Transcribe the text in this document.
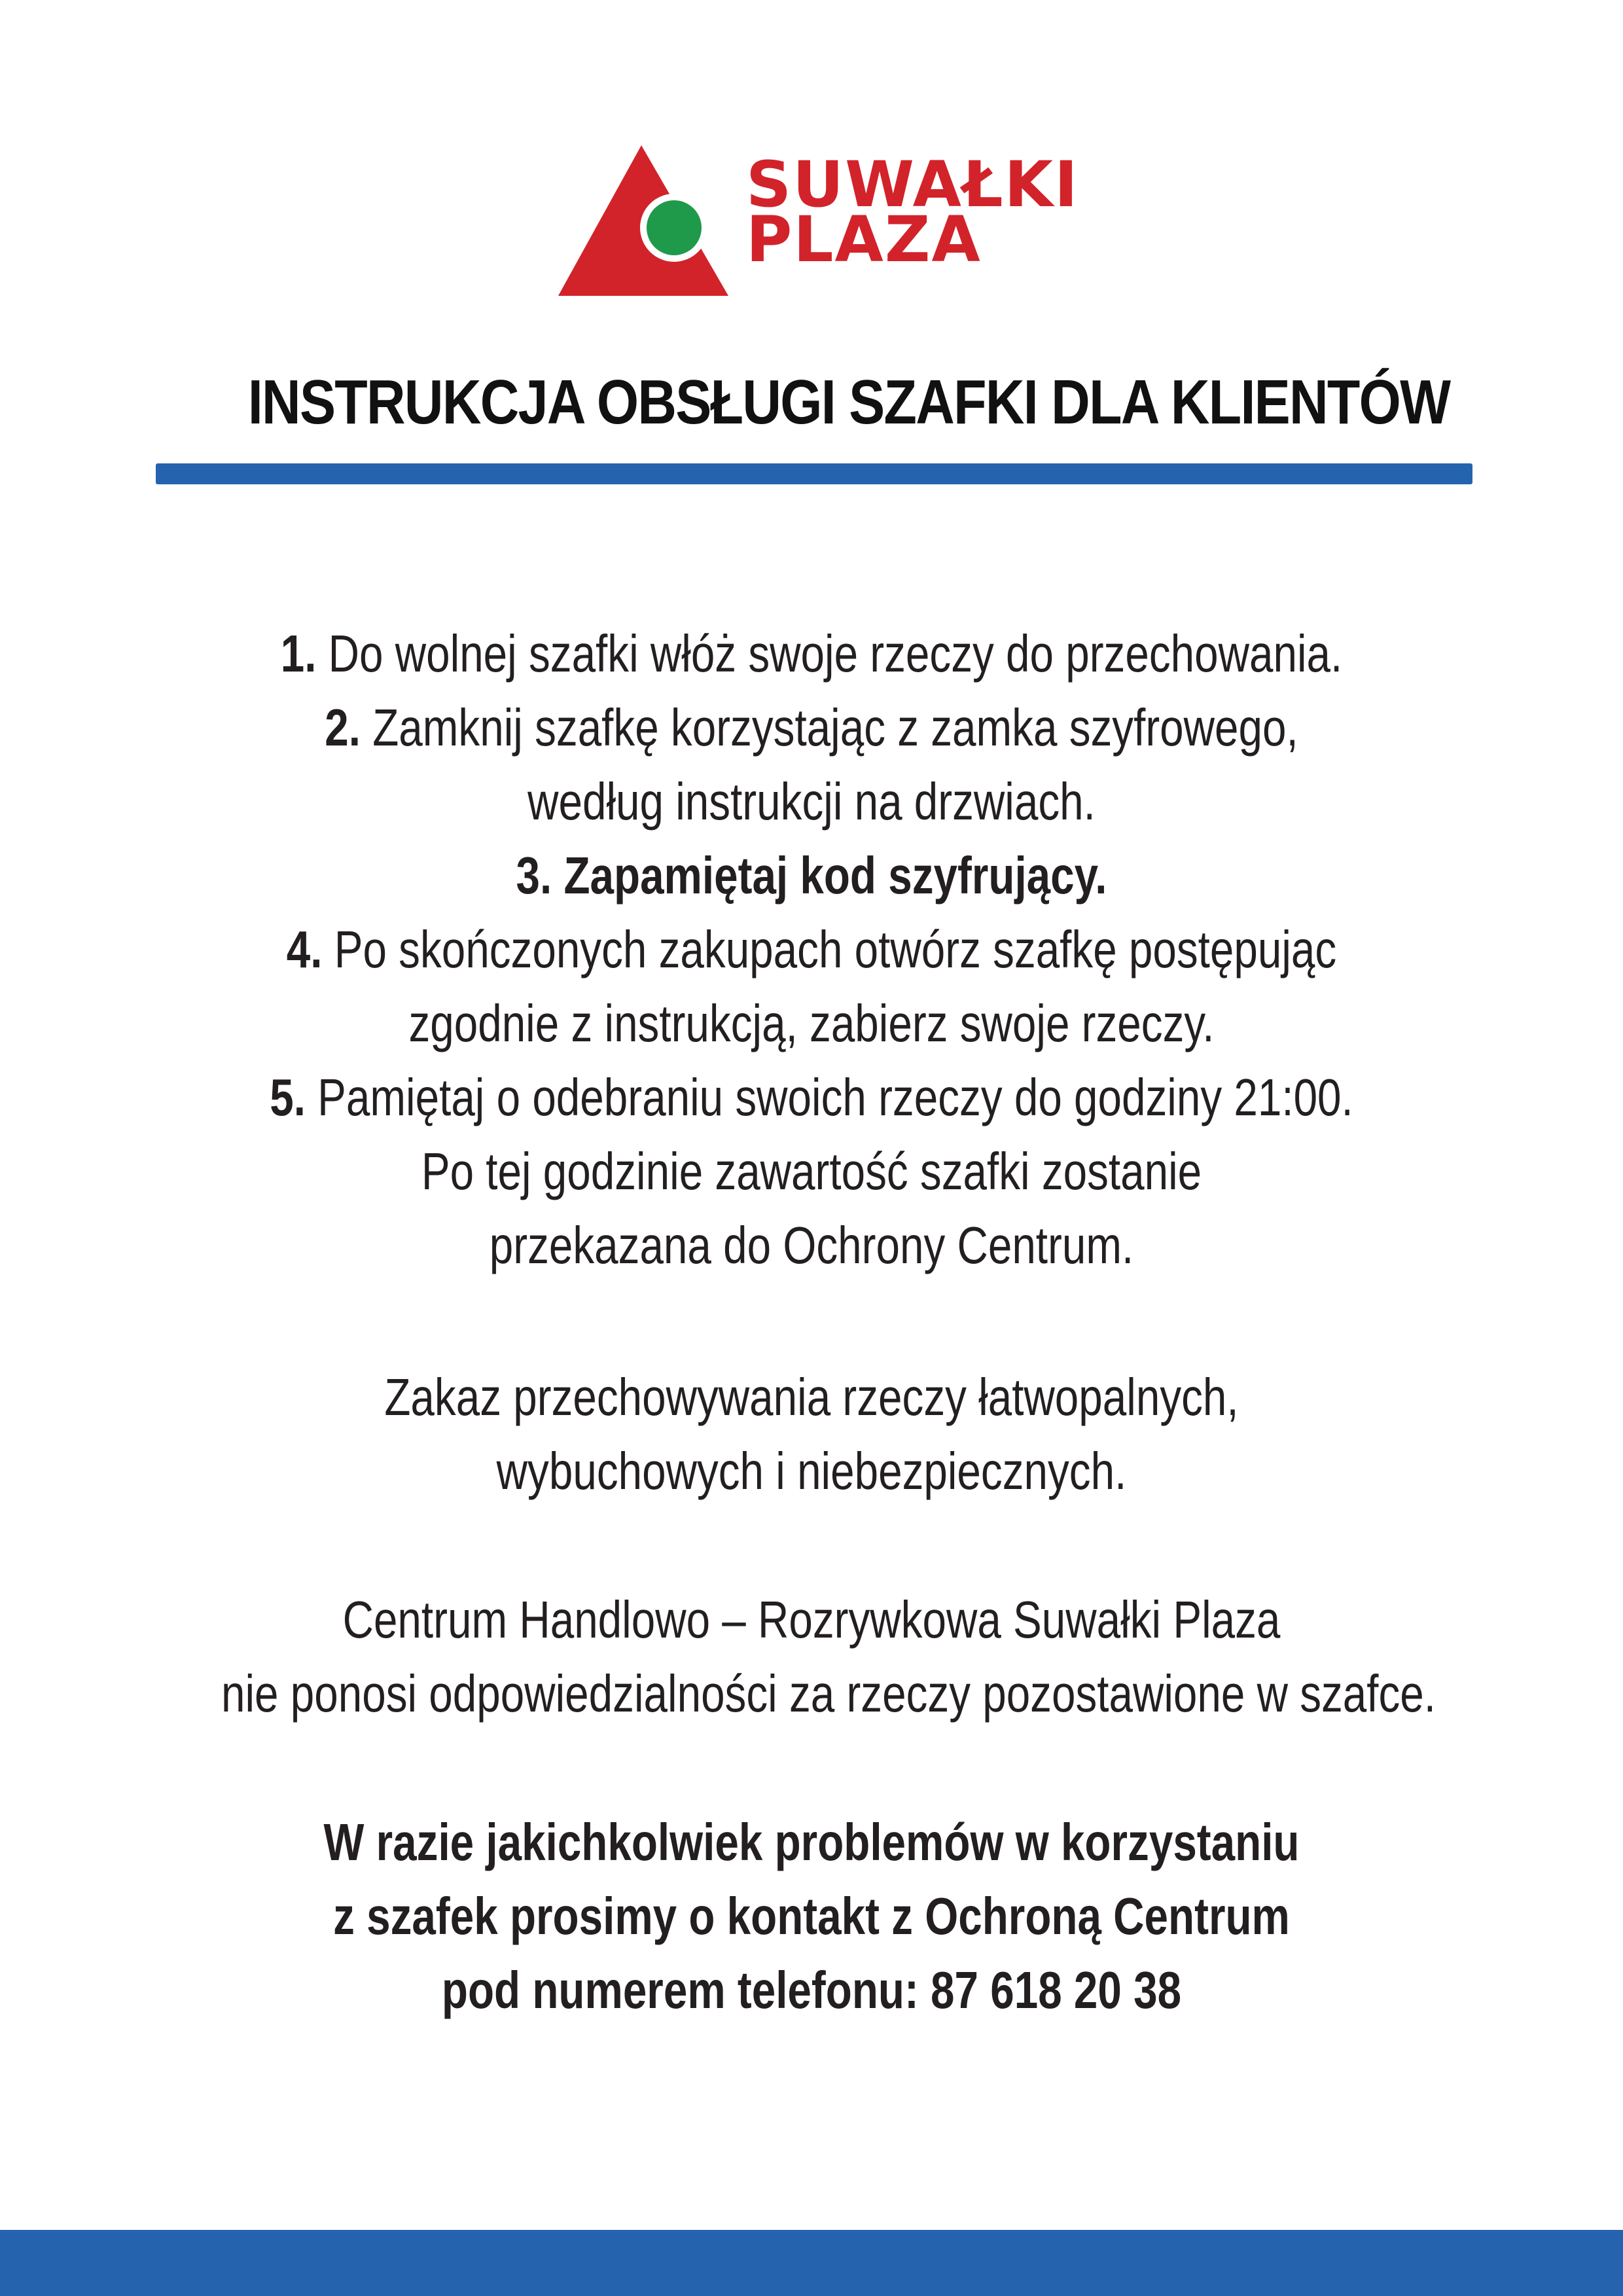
SUWAŁKI
PLAZA
INSTRUKCJA OBSŁUGI SZAFKI DLA KLIENTÓW
1. Do wolnej szafki włóż swoje rzeczy do przechowania.
2. Zamknij szafkę korzystając z zamka szyfrowego,
według instrukcji na drzwiach.
3. Zapamiętaj kod szyfrujący.
4. Po skończonych zakupach otwórz szafkę postępując
zgodnie z instrukcją, zabierz swoje rzeczy.
5. Pamiętaj o odebraniu swoich rzeczy do godziny 21:00.
Po tej godzinie zawartość szafki zostanie
przekazana do Ochrony Centrum.
Zakaz przechowywania rzeczy łatwopalnych,
wybuchowych i niebezpiecznych.
Centrum Handlowo – Rozrywkowa Suwałki Plaza
nie ponosi odpowiedzialności za rzeczy pozostawione w szafce.
W razie jakichkolwiek problemów w korzystaniu
z szafek prosimy o kontakt z Ochroną Centrum
pod numerem telefonu: 87 618 20 38
